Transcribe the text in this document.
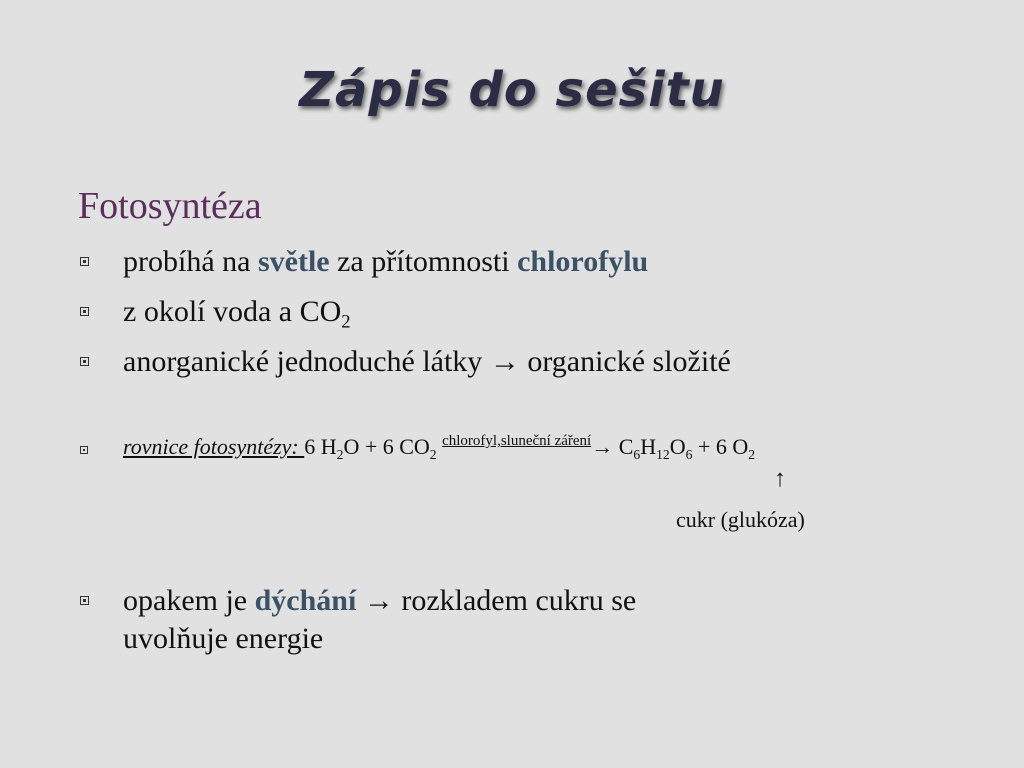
Zápis do sešitu
Fotosyntéza
probíhá na světle za přítomnosti chlorofylu
z okolí voda a $CO_2$
anorganické jednoduché látky → organické složité
rovnice fotosyntézy: 6 $H_2O + 6$ $CO_2$ chlorofyl,sluneční záření→ $C_6H_{12}O_6 + 6$ $O_2$
↑
cukr (glukóza)
opakem je dýchání → rozkladem cukru se
uvolňuje energie
